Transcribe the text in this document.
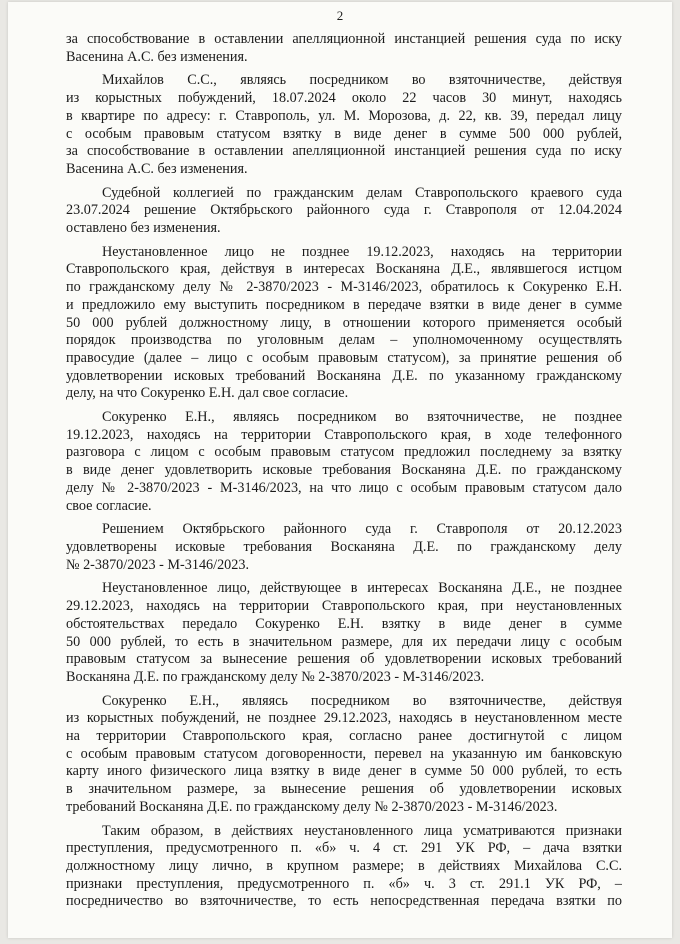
2
за способствование в оставлении апелляционной инстанцией решения суда по иску
Васенина А.С. без изменения.
Михайлов С.С., являясь посредником во взяточничестве, действуя
из корыстных побуждений, 18.07.2024 около 22 часов 30 минут, находясь
в квартире по адресу: г. Ставрополь, ул. М. Морозова, д. 22, кв. 39, передал лицу
с особым правовым статусом взятку в виде денег в сумме 500 000 рублей,
за способствование в оставлении апелляционной инстанцией решения суда по иску
Васенина А.С. без изменения.
Судебной коллегией по гражданским делам Ставропольского краевого суда
23.07.2024 решение Октябрьского районного суда г. Ставрополя от 12.04.2024
оставлено без изменения.
Неустановленное лицо не позднее 19.12.2023, находясь на территории
Ставропольского края, действуя в интересах Восканяна Д.Е., являвшегося истцом
по гражданскому делу № 2-3870/2023 - М-3146/2023, обратилось к Сокуренко Е.Н.
и предложило ему выступить посредником в передаче взятки в виде денег в сумме
50 000 рублей должностному лицу, в отношении которого применяется особый
порядок производства по уголовным делам – уполномоченному осуществлять
правосудие (далее – лицо с особым правовым статусом), за принятие решения об
удовлетворении исковых требований Восканяна Д.Е. по указанному гражданскому
делу, на что Сокуренко Е.Н. дал свое согласие.
Сокуренко Е.Н., являясь посредником во взяточничестве, не позднее
19.12.2023, находясь на территории Ставропольского края, в ходе телефонного
разговора с лицом с особым правовым статусом предложил последнему за взятку
в виде денег удовлетворить исковые требования Восканяна Д.Е. по гражданскому
делу № 2-3870/2023 - М-3146/2023, на что лицо с особым правовым статусом дало
свое согласие.
Решением Октябрьского районного суда г. Ставрополя от 20.12.2023
удовлетворены исковые требования Восканяна Д.Е. по гражданскому делу
№ 2-3870/2023 - М-3146/2023.
Неустановленное лицо, действующее в интересах Восканяна Д.Е., не позднее
29.12.2023, находясь на территории Ставропольского края, при неустановленных
обстоятельствах передало Сокуренко Е.Н. взятку в виде денег в сумме
50 000 рублей, то есть в значительном размере, для их передачи лицу с особым
правовым статусом за вынесение решения об удовлетворении исковых требований
Восканяна Д.Е. по гражданскому делу № 2-3870/2023 - М-3146/2023.
Сокуренко Е.Н., являясь посредником во взяточничестве, действуя
из корыстных побуждений, не позднее 29.12.2023, находясь в неустановленном месте
на территории Ставропольского края, согласно ранее достигнутой с лицом
с особым правовым статусом договоренности, перевел на указанную им банковскую
карту иного физического лица взятку в виде денег в сумме 50 000 рублей, то есть
в значительном размере, за вынесение решения об удовлетворении исковых
требований Восканяна Д.Е. по гражданскому делу № 2-3870/2023 - М-3146/2023.
Таким образом, в действиях неустановленного лица усматриваются признаки
преступления, предусмотренного п. «б» ч. 4 ст. 291 УК РФ, – дача взятки
должностному лицу лично, в крупном размере; в действиях Михайлова С.С.
признаки преступления, предусмотренного п. «б» ч. 3 ст. 291.1 УК РФ, –
посредничество во взяточничестве, то есть непосредственная передача взятки по
